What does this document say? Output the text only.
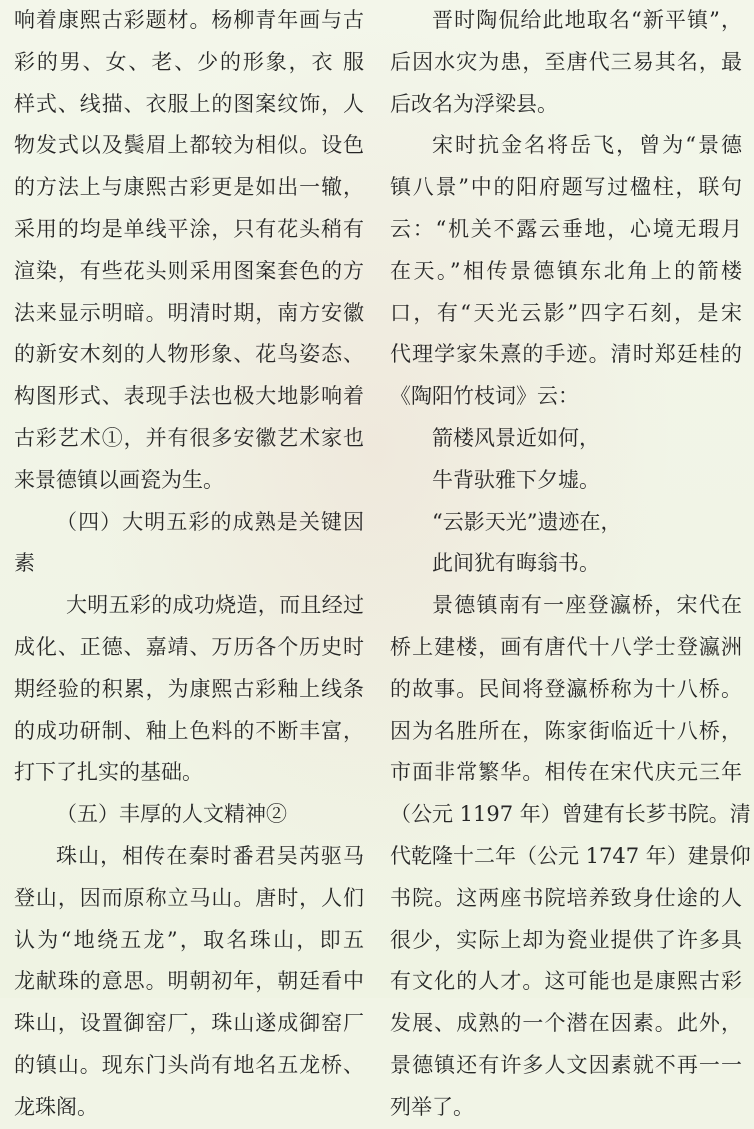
响着康熙古彩题材。杨柳青年画与古
彩的男、女、老、少的形象，衣 服
样式、线描、衣服上的图案纹饰，人
物发式以及鬓眉上都较为相似。设色
的方法上与康熙古彩更是如出一辙，
采用的均是单线平涂，只有花头稍有
渲染，有些花头则采用图案套色的方
法来显示明暗。明清时期，南方安徽
的新安木刻的人物形象、花鸟姿态、
构图形式、表现手法也极大地影响着
古彩艺术①，并有很多安徽艺术家也
来景德镇以画瓷为生。
（四）大明五彩的成熟是关键因
素
大明五彩的成功烧造，而且经过
成化、正德、嘉靖、万历各个历史时
期经验的积累，为康熙古彩釉上线条
的成功研制、釉上色料的不断丰富，
打下了扎实的基础。
（五）丰厚的人文精神②
珠山，相传在秦时番君吴芮驱马
登山，因而原称立马山。唐时，人们
认为“地绕五龙”，取名珠山，即五
龙献珠的意思。明朝初年，朝廷看中
珠山，设置御窑厂，珠山遂成御窑厂
的镇山。现东门头尚有地名五龙桥、
龙珠阁。
晋时陶侃给此地取名“新平镇”，
后因水灾为患，至唐代三易其名，最
后改名为浮梁县。
宋时抗金名将岳飞，曾为“景德
镇八景”中的阳府题写过楹柱，联句
云：“机关不露云垂地，心境无瑕月
在天。”相传景德镇东北角上的箭楼
口，有“天光云影”四字石刻，是宋
代理学家朱熹的手迹。清时郑廷桂的
《陶阳竹枝词》云：
箭楼风景近如何，
牛背驮雅下夕墟。
“云影天光”遗迹在，
此间犹有晦翁书。
景德镇南有一座登瀛桥，宋代在
桥上建楼，画有唐代十八学士登瀛洲
的故事。民间将登瀛桥称为十八桥。
因为名胜所在，陈家街临近十八桥，
市面非常繁华。相传在宋代庆元三年
（公元 1197 年）曾建有长芗书院。清
代乾隆十二年（公元 1747 年）建景仰
书院。这两座书院培养致身仕途的人
很少，实际上却为瓷业提供了许多具
有文化的人才。这可能也是康熙古彩
发展、成熟的一个潜在因素。此外，
景德镇还有许多人文因素就不再一一
列举了。
